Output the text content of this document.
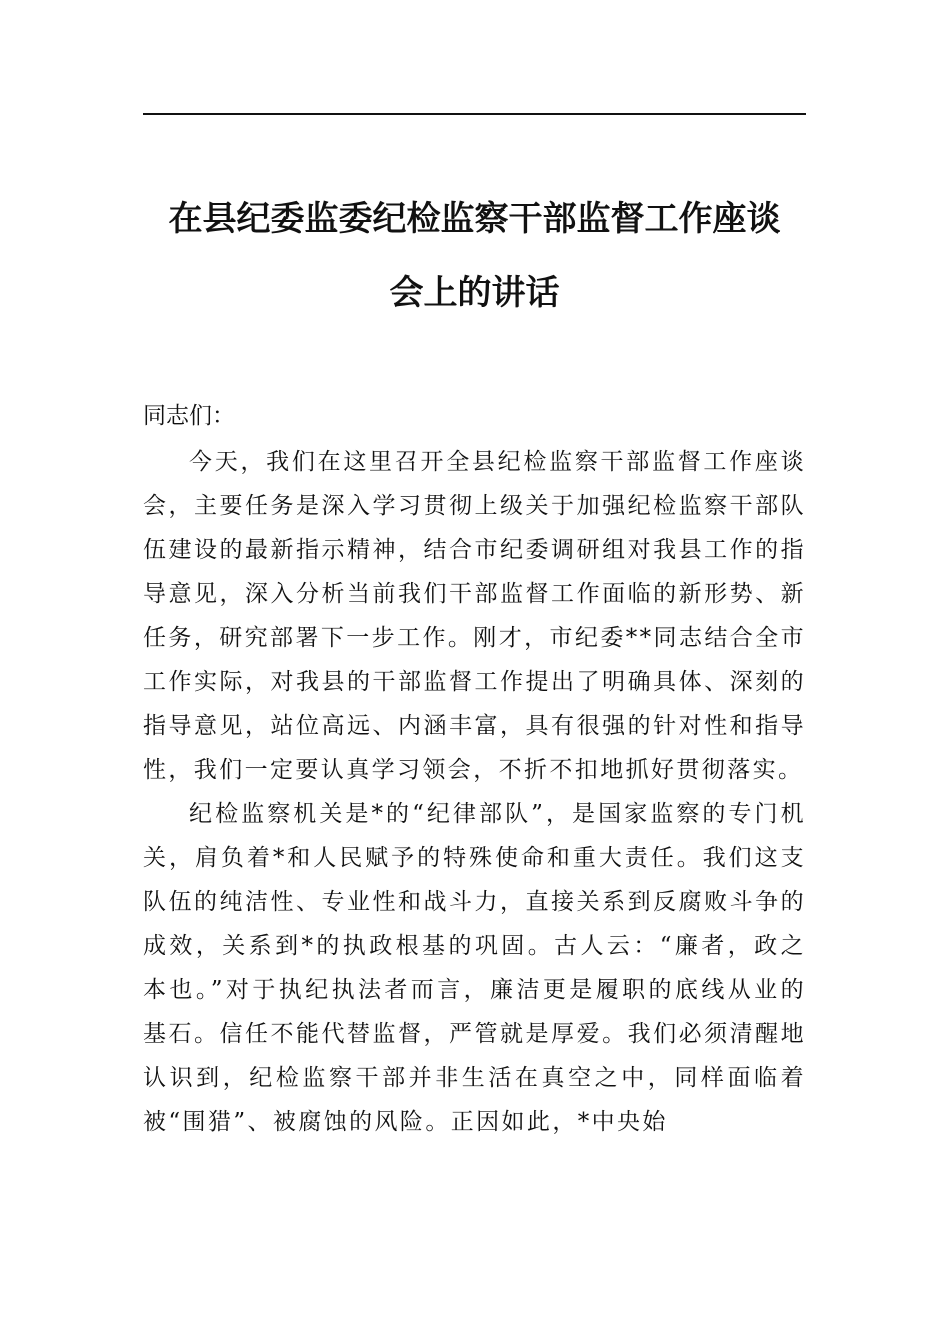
在县纪委监委纪检监察干部监督工作座谈
会上的讲话

同志们：

今天，我们在这里召开全县纪检监察干部监督工作座谈会，主要任务是深入学习贯彻上级关于加强纪检监察干部队伍建设的最新指示精神，结合市纪委调研组对我县工作的指导意见，深入分析当前我们干部监督工作面临的新形势、新任务，研究部署下一步工作。刚才，市纪委**同志结合全市工作实际，对我县的干部监督工作提出了明确具体、深刻的指导意见，站位高远、内涵丰富，具有很强的针对性和指导性，我们一定要认真学习领会，不折不扣地抓好贯彻落实。

纪检监察机关是*的“纪律部队”，是国家监察的专门机关，肩负着*和人民赋予的特殊使命和重大责任。我们这支队伍的纯洁性、专业性和战斗力，直接关系到反腐败斗争的成效，关系到*的执政根基的巩固。古人云：“廉者，政之本也。”对于执纪执法者而言，廉洁更是履职的底线从业的基石。信任不能代替监督，严管就是厚爱。我们必须清醒地认识到，纪检监察干部并非生活在真空之中，同样面临着被“围猎”、被腐蚀的风险。正因如此，*中央始
